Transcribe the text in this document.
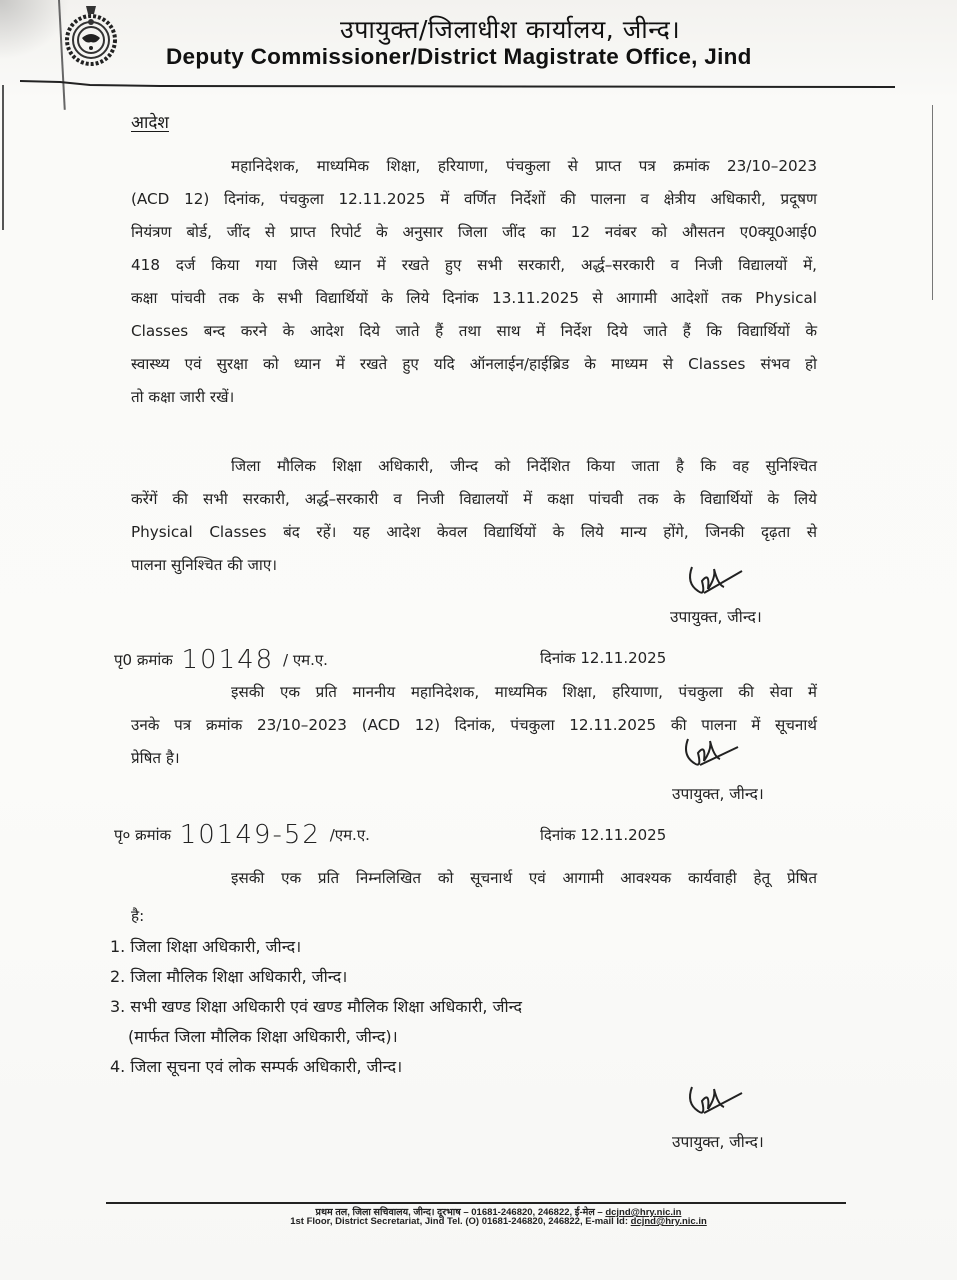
उपायुक्त/जिलाधीश कार्यालय, जीन्द।
Deputy Commissioner/District Magistrate Office, Jind
आदेश
महानिदेशक, माध्यमिक शिक्षा, हरियाणा, पंचकुला से प्राप्त पत्र क्रमांक 23/10–2023
(ACD 12) दिनांक, पंचकुला 12.11.2025 में वर्णित निर्देशों की पालना व क्षेत्रीय अधिकारी, प्रदूषण
नियंत्रण बोर्ड, जींद से प्राप्त रिपोर्ट के अनुसार जिला जींद का 12 नवंबर को औसतन ए0क्यू0आई0
418 दर्ज किया गया जिसे ध्यान में रखते हुए सभी सरकारी, अर्द्ध–सरकारी व निजी विद्यालयों में,
कक्षा पांचवी तक के सभी विद्यार्थियों के लिये दिनांक 13.11.2025 से आगामी आदेशों तक Physical
Classes बन्द करने के आदेश दिये जाते हैं तथा साथ में निर्देश दिये जाते हैं कि विद्यार्थियों के
स्वास्थ्य एवं सुरक्षा को ध्यान में रखते हुए यदि ऑनलाईन/हाईब्रिड के माध्यम से Classes संभव हो
तो कक्षा जारी रखें।
जिला मौलिक शिक्षा अधिकारी, जीन्द को निर्देशित किया जाता है कि वह सुनिश्चित
करेंगें की सभी सरकारी, अर्द्ध–सरकारी व निजी विद्यालयों में कक्षा पांचवी तक के विद्यार्थियों के लिये
Physical Classes बंद रहें। यह आदेश केवल विद्यार्थियों के लिये मान्य होंगे, जिनकी दृढ़ता से
पालना सुनिश्चित की जाए।
उपायुक्त, जीन्द।
पृ0 क्रमांक 10148 / एम.ए.	दिनांक 12.11.2025
इसकी एक प्रति माननीय महानिदेशक, माध्यमिक शिक्षा, हरियाणा, पंचकुला की सेवा में
उनके पत्र क्रमांक 23/10–2023 (ACD 12) दिनांक, पंचकुला 12.11.2025 की पालना में सूचनार्थ
प्रेषित है।
उपायुक्त, जीन्द।
पृ० क्रमांक 10149-52 /एम.ए.	दिनांक 12.11.2025
इसकी एक प्रति निम्नलिखित को सूचनार्थ एवं आगामी आवश्यक कार्यवाही हेतू प्रेषित
है:
1. जिला शिक्षा अधिकारी, जीन्द।
2. जिला मौलिक शिक्षा अधिकारी, जीन्द।
3. सभी खण्ड शिक्षा अधिकारी एवं खण्ड मौलिक शिक्षा अधिकारी, जीन्द
(मार्फत जिला मौलिक शिक्षा अधिकारी, जीन्द)।
4. जिला सूचना एवं लोक सम्पर्क अधिकारी, जीन्द।
उपायुक्त, जीन्द।
प्रथम तल, जिला सचिवालय, जीन्द। दूरभाष – 01681-246820, 246822, ई-मेल – dcjnd@hry.nic.in
1st Floor, District Secretariat, Jind Tel. (O) 01681-246820, 246822, E-mail Id: dcjnd@hry.nic.in
